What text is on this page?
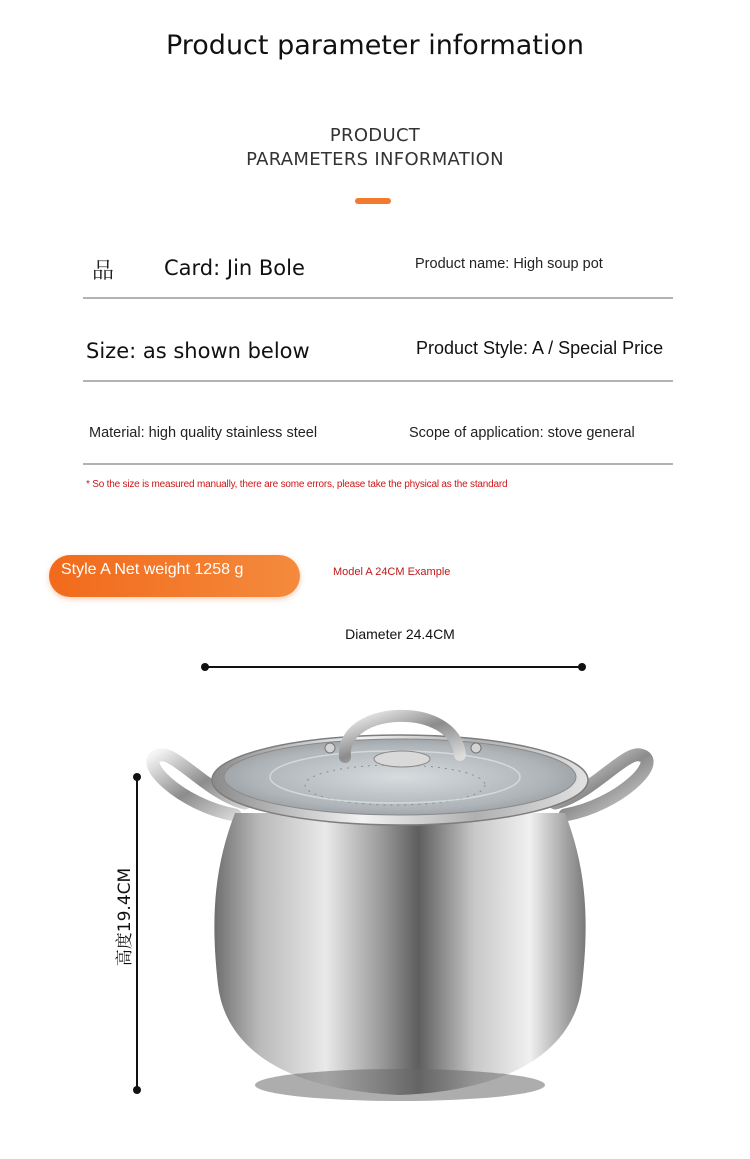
Product parameter information
PRODUCT
PARAMETERS INFORMATION
品 Card: Jin Bole	Product name: High soup pot
Size: as shown below	Product Style: A / Special Price
Material: high quality stainless steel	Scope of application: stove general
* So the size is measured manually, there are some errors, please take the physical as the standard
Style A Net weight 1258 g	Model A 24CM Example
Diameter 24.4CM
高度19.4CM
